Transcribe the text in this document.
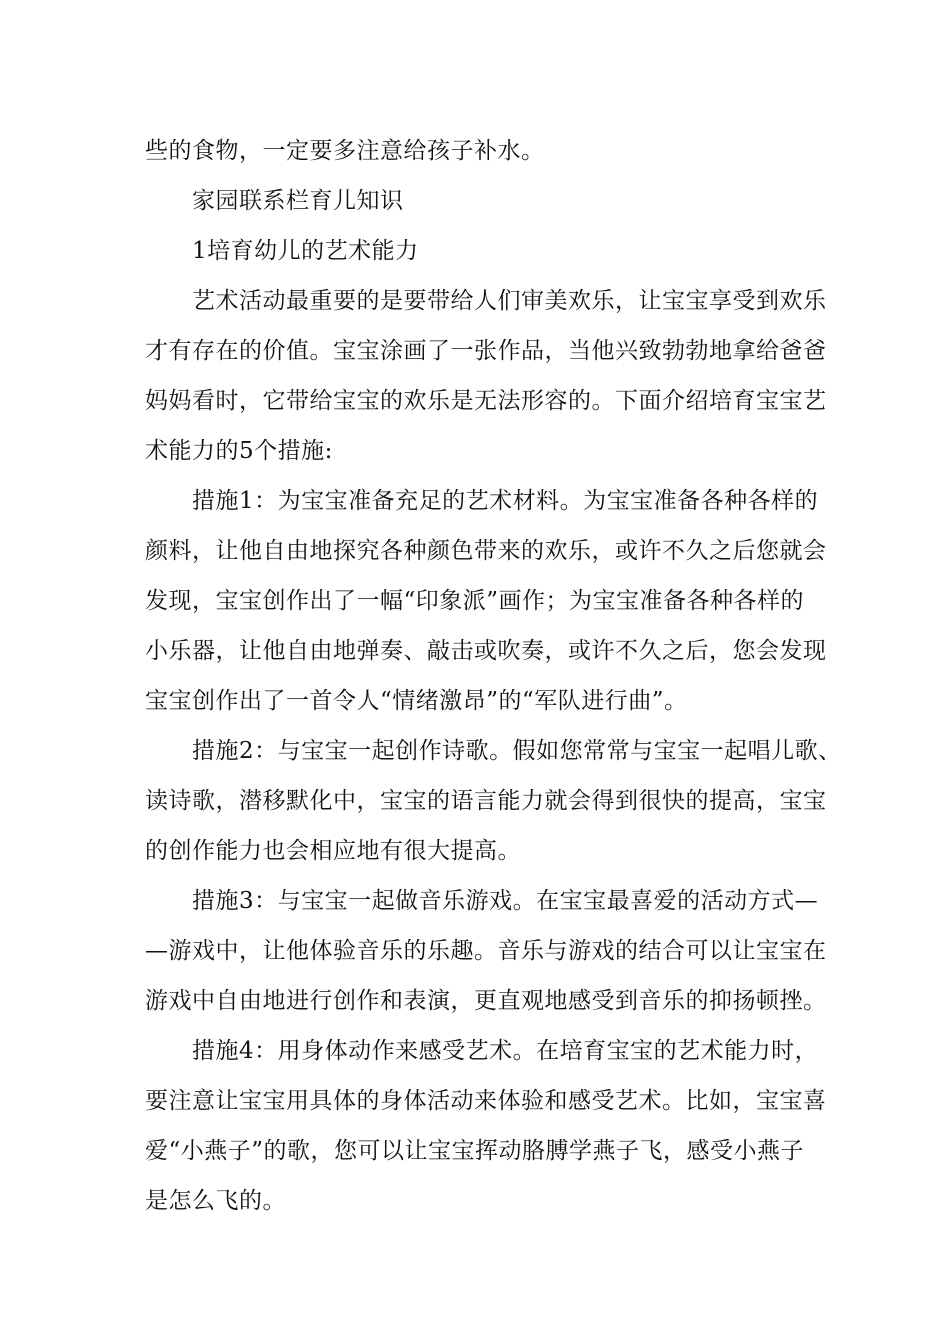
些的食物，一定要多注意给孩子补水。
家园联系栏育儿知识
1培育幼儿的艺术能力
艺术活动最重要的是要带给人们审美欢乐，让宝宝享受到欢乐
才有存在的价值。宝宝涂画了一张作品，当他兴致勃勃地拿给爸爸
妈妈看时，它带给宝宝的欢乐是无法形容的。下面介绍培育宝宝艺
术能力的5个措施:
措施1：为宝宝准备充足的艺术材料。为宝宝准备各种各样的
颜料，让他自由地探究各种颜色带来的欢乐，或许不久之后您就会
发现，宝宝创作出了一幅“印象派”画作；为宝宝准备各种各样的
小乐器，让他自由地弹奏、敲击或吹奏，或许不久之后，您会发现
宝宝创作出了一首令人“情绪激昂”的“军队进行曲”。
措施2：与宝宝一起创作诗歌。假如您常常与宝宝一起唱儿歌、
读诗歌，潜移默化中，宝宝的语言能力就会得到很快的提高，宝宝
的创作能力也会相应地有很大提高。
措施3：与宝宝一起做音乐游戏。在宝宝最喜爱的活动方式—
—游戏中，让他体验音乐的乐趣。音乐与游戏的结合可以让宝宝在
游戏中自由地进行创作和表演，更直观地感受到音乐的抑扬顿挫。
措施4：用身体动作来感受艺术。在培育宝宝的艺术能力时，
要注意让宝宝用具体的身体活动来体验和感受艺术。比如，宝宝喜
爱“小燕子”的歌，您可以让宝宝挥动胳膊学燕子飞，感受小燕子
是怎么飞的。
